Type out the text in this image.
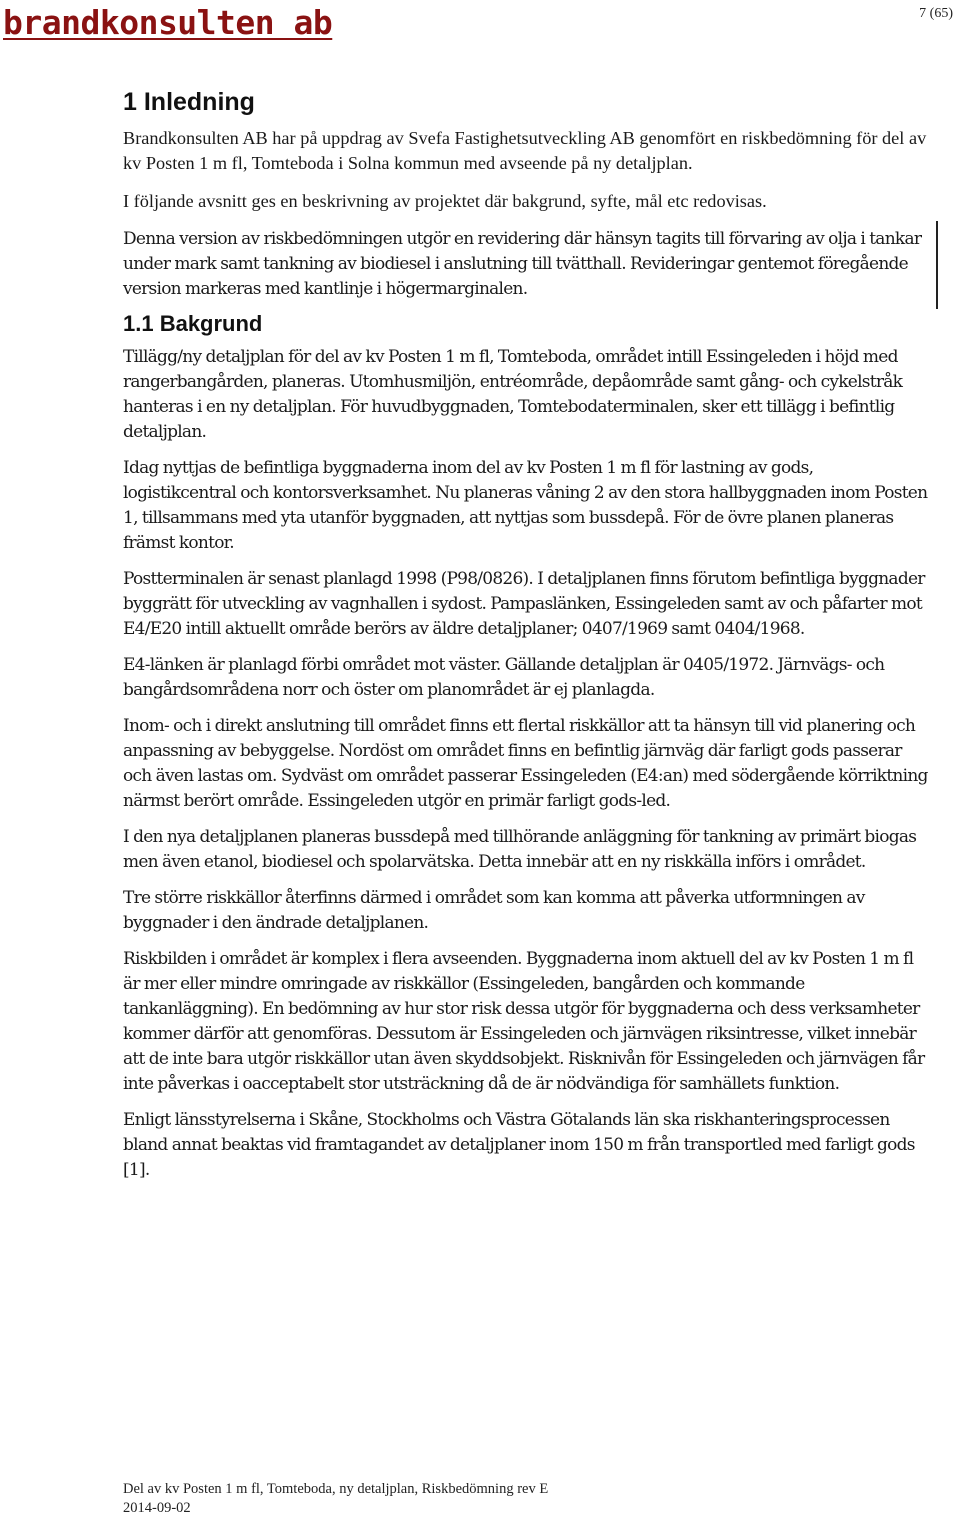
brandkonsulten ab	7 (65)
1 Inledning

Brandkonsulten AB har på uppdrag av Svefa Fastighetsutveckling AB genomfört en riskbedömning för del av kv Posten 1 m fl, Tomteboda i Solna kommun med avseende på ny detaljplan.

I följande avsnitt ges en beskrivning av projektet där bakgrund, syfte, mål etc redovisas.

Denna version av riskbedömningen utgör en revidering där hänsyn tagits till förvaring av olja i tankar under mark samt tankning av biodiesel i anslutning till tvätthall. Revideringar gentemot föregående version markeras med kantlinje i högermarginalen.

1.1 Bakgrund

Tillägg/ny detaljplan för del av kv Posten 1 m fl, Tomteboda, området intill Essingeleden i höjd med rangerbangården, planeras. Utomhusmiljön, entréområde, depåområde samt gång- och cykelstråk hanteras i en ny detaljplan. För huvudbyggnaden, Tomtebodaterminalen, sker ett tillägg i befintlig detaljplan.

Idag nyttjas de befintliga byggnaderna inom del av kv Posten 1 m fl för lastning av gods, logistikcentral och kontorsverksamhet. Nu planeras våning 2 av den stora hallbyggnaden inom Posten 1, tillsammans med yta utanför byggnaden, att nyttjas som bussdepå. För de övre planen planeras främst kontor.

Postterminalen är senast planlagd 1998 (P98/0826). I detaljplanen finns förutom befintliga byggnader byggrätt för utveckling av vagnhallen i sydost. Pampaslänken, Essingeleden samt av och påfarter mot E4/E20 intill aktuellt område berörs av äldre detaljplaner; 0407/1969 samt 0404/1968.

E4-länken är planlagd förbi området mot väster. Gällande detaljplan är 0405/1972. Järnvägs- och bangårdsområdena norr och öster om planområdet är ej planlagda.

Inom- och i direkt anslutning till området finns ett flertal riskkällor att ta hänsyn till vid planering och anpassning av bebyggelse. Nordöst om området finns en befintlig järnväg där farligt gods passerar och även lastas om. Sydväst om området passerar Essingeleden (E4:an) med södergående körriktning närmst berört område. Essingeleden utgör en primär farligt gods-led.

I den nya detaljplanen planeras bussdepå med tillhörande anläggning för tankning av primärt biogas men även etanol, biodiesel och spolarvätska. Detta innebär att en ny riskkälla införs i området.

Tre större riskkällor återfinns därmed i området som kan komma att påverka utformningen av byggnader i den ändrade detaljplanen.

Riskbilden i området är komplex i flera avseenden. Byggnaderna inom aktuell del av kv Posten 1 m fl är mer eller mindre omringade av riskkällor (Essingeleden, bangården och kommande tankanläggning). En bedömning av hur stor risk dessa utgör för byggnaderna och dess verksamheter kommer därför att genomföras. Dessutom är Essingeleden och järnvägen riksintresse, vilket innebär att de inte bara utgör riskkällor utan även skyddsobjekt. Risknivån för Essingeleden och järnvägen får inte påverkas i oacceptabelt stor utsträckning då de är nödvändiga för samhällets funktion.

Enligt länsstyrelserna i Skåne, Stockholms och Västra Götalands län ska riskhanteringsprocessen bland annat beaktas vid framtagandet av detaljplaner inom 150 m från transportled med farligt gods [1].

Del av kv Posten 1 m fl, Tomteboda, ny detaljplan, Riskbedömning rev E
2014-09-02
